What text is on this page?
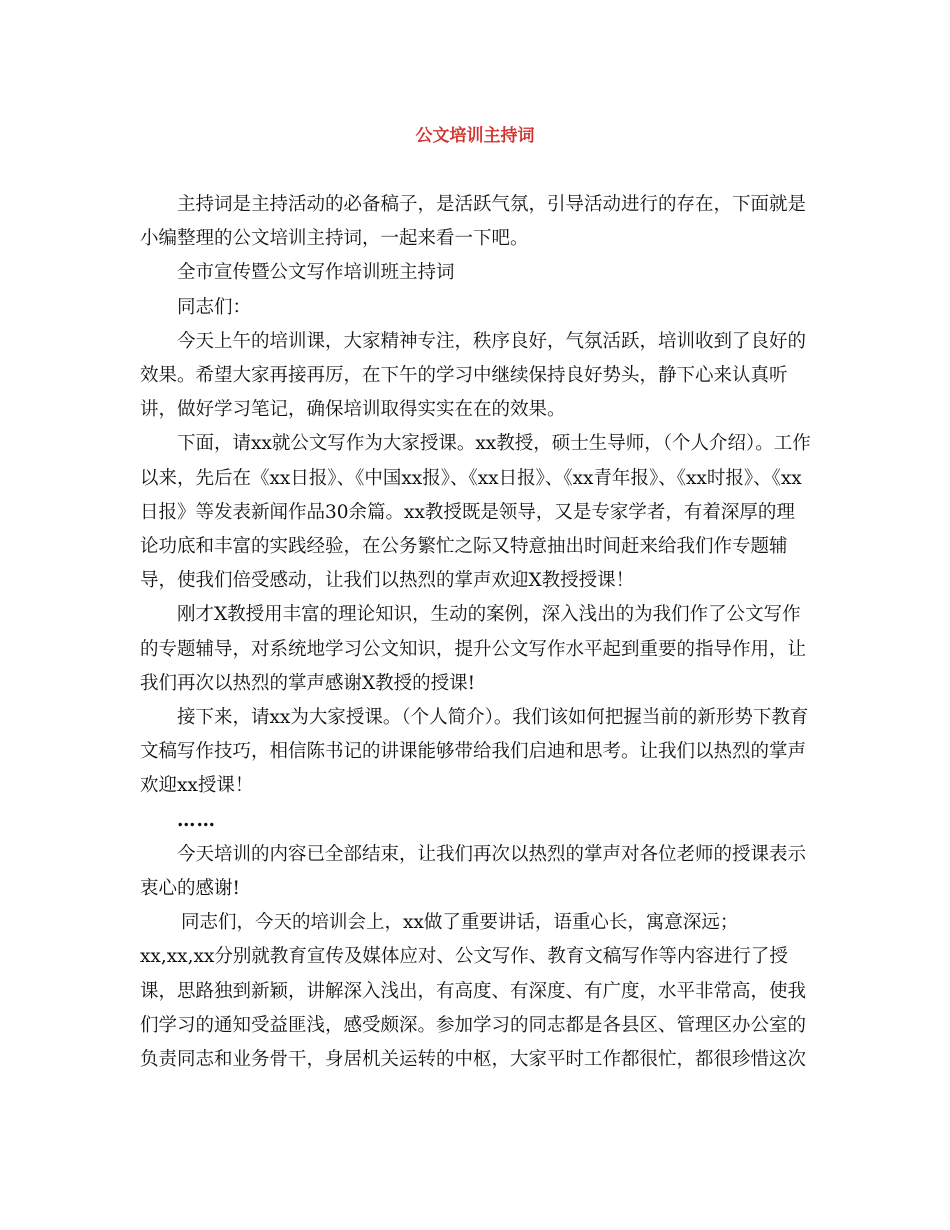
公文培训主持词

主持词是主持活动的必备稿子，是活跃气氛，引导活动进行的存在，下面就是小编整理的公文培训主持词，一起来看一下吧。

全市宣传暨公文写作培训班主持词

同志们：

今天上午的培训课，大家精神专注，秩序良好，气氛活跃，培训收到了良好的效果。希望大家再接再厉，在下午的学习中继续保持良好势头，静下心来认真听讲，做好学习笔记，确保培训取得实实在在的效果。

下面，请xx就公文写作为大家授课。xx教授，硕士生导师，（个人介绍）。工作以来，先后在《xx日报》、《中国xx报》、《xx日报》、《xx青年报》、《xx时报》、《xx日报》等发表新闻作品30余篇。xx教授既是领导，又是专家学者，有着深厚的理论功底和丰富的实践经验，在公务繁忙之际又特意抽出时间赶来给我们作专题辅导，使我们倍受感动，让我们以热烈的掌声欢迎X教授授课！

刚才X教授用丰富的理论知识，生动的案例，深入浅出的为我们作了公文写作的专题辅导，对系统地学习公文知识，提升公文写作水平起到重要的指导作用，让我们再次以热烈的掌声感谢X教授的授课!

接下来，请xx为大家授课。（个人简介）。我们该如何把握当前的新形势下教育文稿写作技巧，相信陈书记的讲课能够带给我们启迪和思考。让我们以热烈的掌声欢迎xx授课！

……

今天培训的内容已全部结束，让我们再次以热烈的掌声对各位老师的授课表示衷心的感谢!

同志们，今天的培训会上，xx做了重要讲话，语重心长，寓意深远；xx,xx,xx分别就教育宣传及媒体应对、公文写作、教育文稿写作等内容进行了授课，思路独到新颖，讲解深入浅出，有高度、有深度、有广度，水平非常高，使我们学习的通知受益匪浅，感受颇深。参加学习的同志都是各县区、管理区办公室的负责同志和业务骨干，身居机关运转的中枢，大家平时工作都很忙，都很珍惜这次
